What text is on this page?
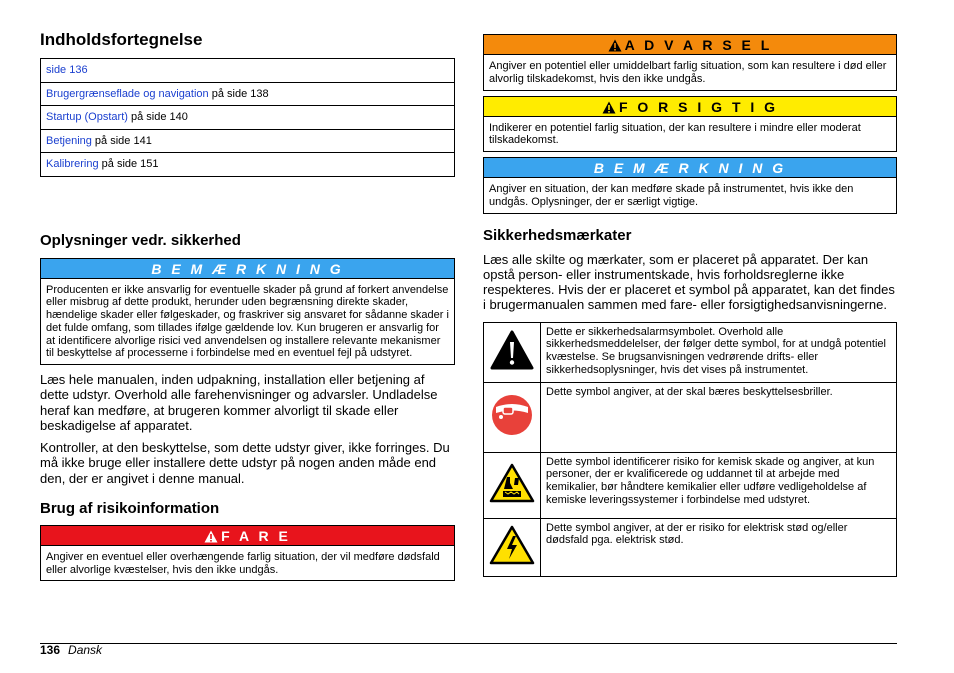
Indholdsfortegnelse
side 136
Brugergrænseflade og navigation på side 138
Startup (Opstart) på side 140
Betjening på side 141
Kalibrering på side 151
Oplysninger vedr. sikkerhed
B E M Æ R K N I N G
Producenten er ikke ansvarlig for eventuelle skader på grund af forkert anvendelse eller misbrug af dette produkt, herunder uden begrænsning direkte skader, hændelige skader eller følgeskader, og fraskriver sig ansvaret for sådanne skader i det fulde omfang, som tillades ifølge gældende lov. Kun brugeren er ansvarlig for at identificere alvorlige risici ved anvendelsen og installere relevante mekanismer til beskyttelse af processerne i forbindelse med en eventuel fejl på udstyret.

Læs hele manualen, inden udpakning, installation eller betjening af dette udstyr. Overhold alle farehenvisninger og advarsler. Undladelse heraf kan medføre, at brugeren kommer alvorligt til skade eller beskadigelse af apparatet.

Kontroller, at den beskyttelse, som dette udstyr giver, ikke forringes. Du må ikke bruge eller installere dette udstyr på nogen anden måde end den, der er angivet i denne manual.

Brug af risikoinformation
F A R E
Angiver en eventuel eller overhængende farlig situation, der vil medføre dødsfald eller alvorlige kvæstelser, hvis den ikke undgås.
A D V A R S E L
Angiver en potentiel eller umiddelbart farlig situation, som kan resultere i død eller alvorlig tilskadekomst, hvis den ikke undgås.
F O R S I G T I G
Indikerer en potentiel farlig situation, der kan resultere i mindre eller moderat tilskadekomst.
B E M Æ R K N I N G
Angiver en situation, der kan medføre skade på instrumentet, hvis ikke den undgås. Oplysninger, der er særligt vigtige.
Sikkerhedsmærkater

Læs alle skilte og mærkater, som er placeret på apparatet. Der kan opstå person- eller instrumentskade, hvis forholdsreglerne ikke respekteres. Hvis der er placeret et symbol på apparatet, kan det findes i brugermanualen sammen med fare- eller forsigtighedsanvisningerne.

	Dette er sikkerhedsalarmsymbolet. Overhold alle sikkerhedsmeddelelser, der følger dette symbol, for at undgå potentiel kvæstelse. Se brugsanvisningen vedrørende drifts- eller sikkerhedsoplysninger, hvis det vises på instrumentet.
	Dette symbol angiver, at der skal bæres beskyttelsesbriller.
	Dette symbol identificerer risiko for kemisk skade og angiver, at kun personer, der er kvalificerede og uddannet til at arbejde med kemikalier, bør håndtere kemikalier eller udføre vedligeholdelse af kemiske leveringssystemer i forbindelse med udstyret.
	Dette symbol angiver, at der er risiko for elektrisk stød og/eller dødsfald pga. elektrisk stød.
136 Dansk
